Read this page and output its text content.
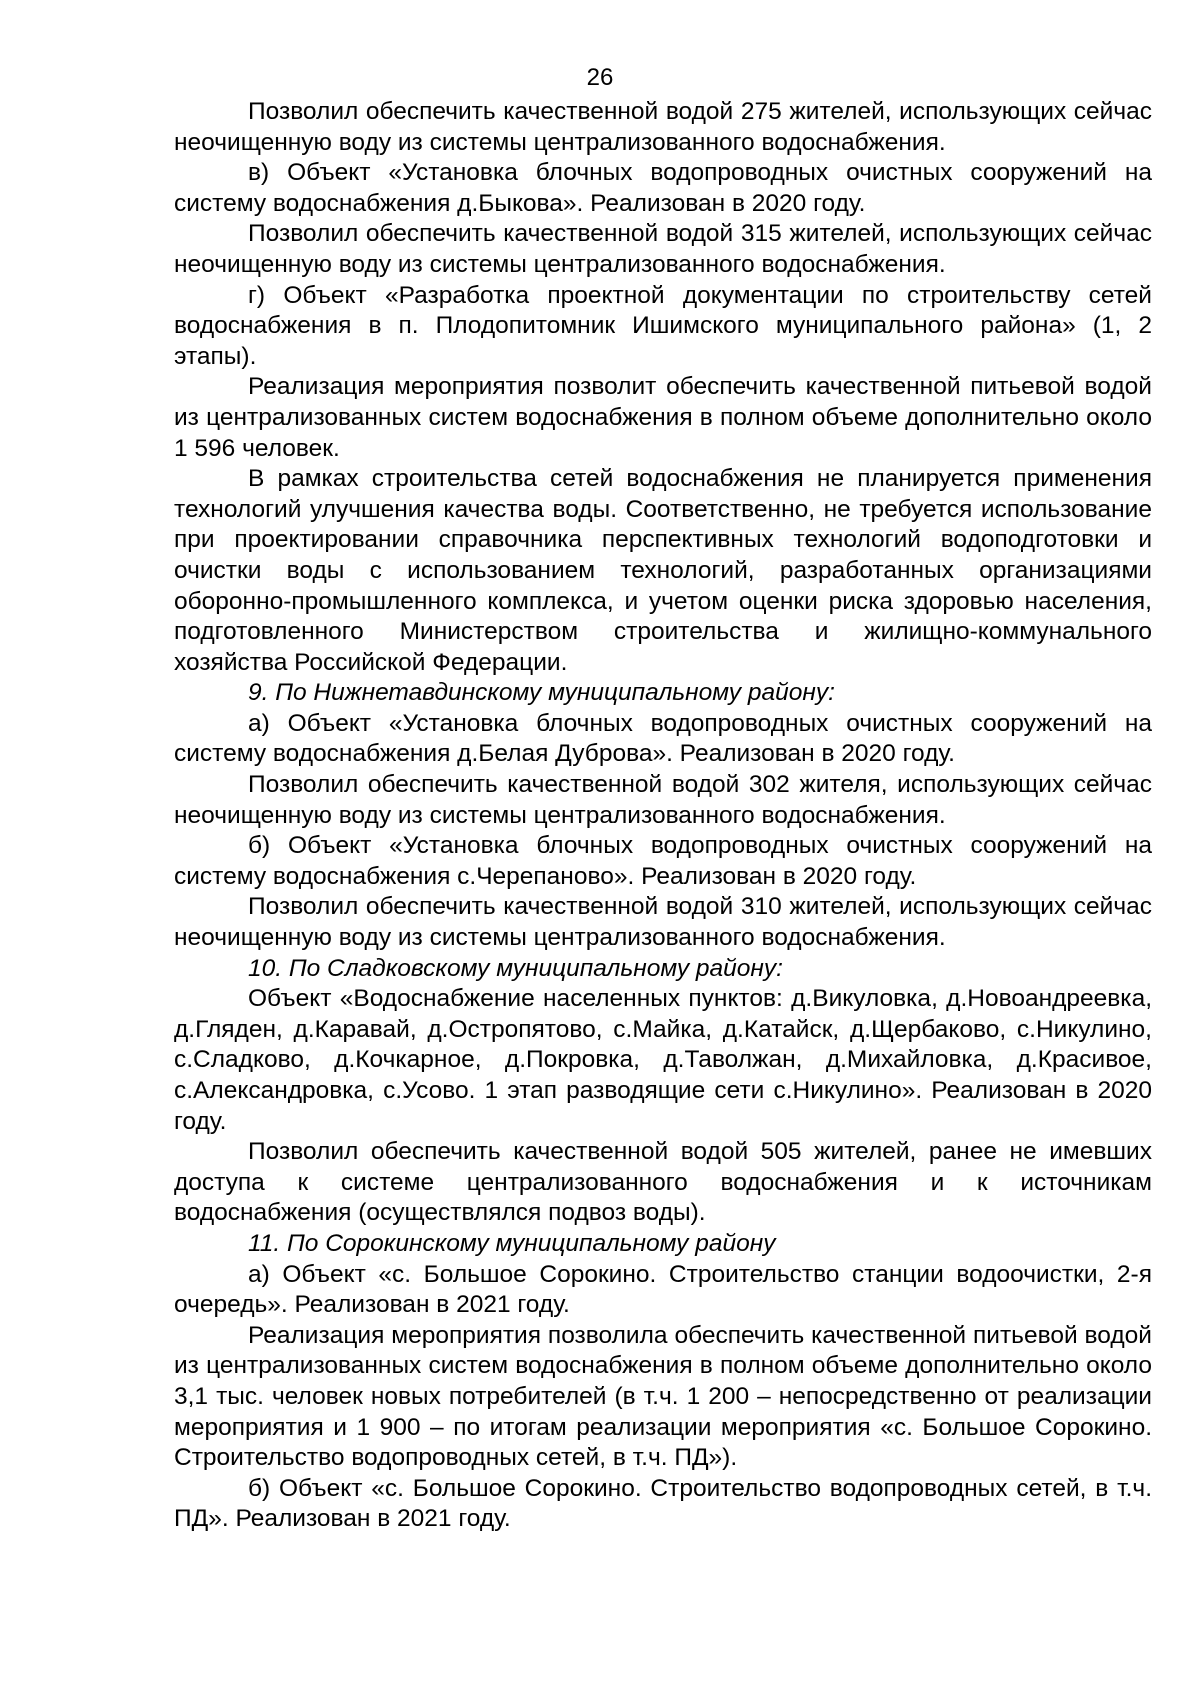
26

Позволил обеспечить качественной водой 275 жителей, использующих сейчас неочищенную воду из системы централизованного водоснабжения.

в) Объект «Установка блочных водопроводных очистных сооружений на систему водоснабжения д.Быкова». Реализован в 2020 году.

Позволил обеспечить качественной водой 315 жителей, использующих сейчас неочищенную воду из системы централизованного водоснабжения.

г) Объект «Разработка проектной документации по строительству сетей водоснабжения в п. Плодопитомник Ишимского муниципального района» (1, 2 этапы).

Реализация мероприятия позволит обеспечить качественной питьевой водой из централизованных систем водоснабжения в полном объеме дополнительно около 1 596 человек.

В рамках строительства сетей водоснабжения не планируется применения технологий улучшения качества воды. Соответственно, не требуется использование при проектировании справочника перспективных технологий водоподготовки и очистки воды с использованием технологий, разработанных организациями оборонно-промышленного комплекса, и учетом оценки риска здоровью населения, подготовленного Министерством строительства и жилищно-коммунального хозяйства Российской Федерации.

9. По Нижнетавдинскому муниципальному району:

а) Объект «Установка блочных водопроводных очистных сооружений на систему водоснабжения д.Белая Дуброва». Реализован в 2020 году.

Позволил обеспечить качественной водой 302 жителя, использующих сейчас неочищенную воду из системы централизованного водоснабжения.

б) Объект «Установка блочных водопроводных очистных сооружений на систему водоснабжения с.Черепаново». Реализован в 2020 году.

Позволил обеспечить качественной водой 310 жителей, использующих сейчас неочищенную воду из системы централизованного водоснабжения.

10. По Сладковскому муниципальному району:

Объект «Водоснабжение населенных пунктов: д.Викуловка, д.Новоандреевка, д.Гляден, д.Каравай, д.Остропятово, с.Майка, д.Катайск, д.Щербаково, с.Никулино, с.Сладково, д.Кочкарное, д.Покровка, д.Таволжан, д.Михайловка, д.Красивое, с.Александровка, с.Усово. 1 этап разводящие сети с.Никулино». Реализован в 2020 году.

Позволил обеспечить качественной водой 505 жителей, ранее не имевших доступа к системе централизованного водоснабжения и к источникам водоснабжения (осуществлялся подвоз воды).

11. По Сорокинскому муниципальному району

а) Объект «с. Большое Сорокино. Строительство станции водоочистки, 2-я очередь». Реализован в 2021 году.

Реализация мероприятия позволила обеспечить качественной питьевой водой из централизованных систем водоснабжения в полном объеме дополнительно около 3,1 тыс. человек новых потребителей (в т.ч. 1 200 – непосредственно от реализации мероприятия и 1 900 – по итогам реализации мероприятия «с. Большое Сорокино. Строительство водопроводных сетей, в т.ч. ПД»).

б) Объект «с. Большое Сорокино. Строительство водопроводных сетей, в т.ч. ПД». Реализован в 2021 году.
